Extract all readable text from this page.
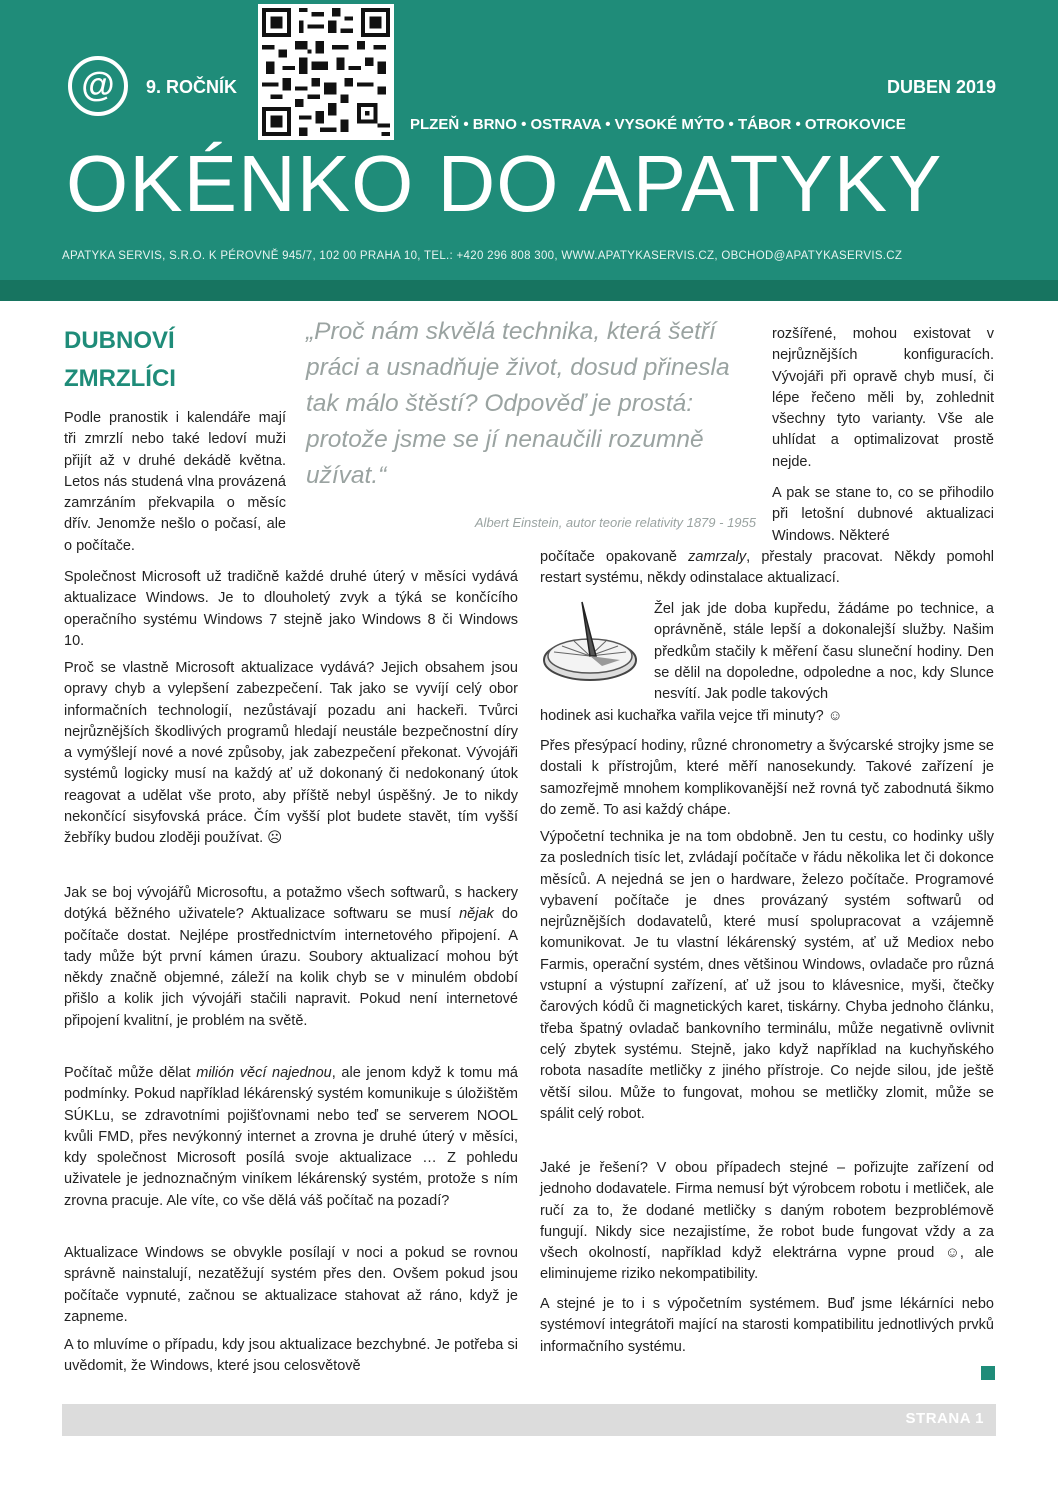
@	9. ROČNÍK	DUBEN 2019
PLZEŇ • BRNO • OSTRAVA • VYSOKÉ MÝTO • TÁBOR • OTROKOVICE
OKÉNKO DO APATYKY
APATYKA SERVIS, S.R.O. K PÉROVNĚ 945/7, 102 00 PRAHA 10, TEL.: +420 296 808 300, WWW.APATYKASERVIS.CZ, OBCHOD@APATYKASERVIS.CZ
DUBNOVÍ ZMRZLÍCI
„Proč nám skvělá technika, která šetří práci a usnadňuje život, dosud přinesla tak málo štěstí? Odpověď je prostá: protože jsme se jí nenaučili rozumně užívat.“
Albert Einstein, autor teorie relativity 1879 - 1955

Podle pranostik i kalendáře mají tři zmrzlí nebo také ledoví muži přijít až v druhé dekádě května. Letos nás studená vlna provázená zamrzáním překvapila o měsíc dřív. Jenomže nešlo o počasí, ale o počítače.

Společnost Microsoft už tradičně každé druhé úterý v měsíci vydává aktualizace Windows. Je to dlouholetý zvyk a týká se končícího operačního systému Windows 7 stejně jako Windows 8 či Windows 10.

Proč se vlastně Microsoft aktualizace vydává? Jejich obsahem jsou opravy chyb a vylepšení zabezpečení. Tak jako se vyvíjí celý obor informačních technologií, nezůstávají pozadu ani hackeři. Tvůrci nejrůznějších škodlivých programů hledají neustále bezpečnostní díry a vymýšlejí nové a nové způsoby, jak zabezpečení překonat. Vývojáři systémů logicky musí na každý ať už dokonaný či nedokonaný útok reagovat a udělat vše proto, aby příště nebyl úspěšný. Je to nikdy nekončící sisyfovská práce. Čím vyšší plot budete stavět, tím vyšší žebříky budou zloději používat. ☹

Jak se boj vývojářů Microsoftu, a potažmo všech softwarů, s hackery dotýká běžného uživatele? Aktualizace softwaru se musí nějak do počítače dostat. Nejlépe prostřednictvím internetového připojení. A tady může být první kámen úrazu. Soubory aktualizací mohou být někdy značně objemné, záleží na kolik chyb se v minulém období přišlo a kolik jich vývojáři stačili napravit. Pokud není internetové připojení kvalitní, je problém na světě.

Počítač může dělat milión věcí najednou, ale jenom když k tomu má podmínky. Pokud například lékárenský systém komunikuje s úložištěm SÚKLu, se zdravotními pojišťovnami nebo teď se serverem NOOL kvůli FMD, přes nevýkonný internet a zrovna je druhé úterý v měsíci, kdy společnost Microsoft posílá svoje aktualizace … Z pohledu uživatele je jednoznačným viníkem lékárenský systém, protože s ním zrovna pracuje. Ale víte, co vše dělá váš počítač na pozadí?

Aktualizace Windows se obvykle posílají v noci a pokud se rovnou správně nainstalují, nezatěžují systém přes den. Ovšem pokud jsou počítače vypnuté, začnou se aktualizace stahovat až ráno, když je zapneme.

A to mluvíme o případu, kdy jsou aktualizace bezchybné. Je potřeba si uvědomit, že Windows, které jsou celosvětově

rozšířené, mohou existovat v nejrůznějších konfiguracích. Vývojáři při opravě chyb musí, či lépe řečeno měli by, zohlednit všechny tyto varianty. Vše ale uhlídat a optimalizovat prostě nejde.

A pak se stane to, co se přihodilo při letošní dubnové aktualizaci Windows. Některé

počítače opakovaně zamrzaly, přestaly pracovat. Někdy pomohl restart systému, někdy odinstalace aktualizací.

Žel jak jde doba kupředu, žádáme po technice, a oprávněně, stále lepší a dokonalejší služby. Našim předkům stačily k měření času sluneční hodiny. Den se dělil na dopoledne, odpoledne a noc, kdy Slunce nesvítí. Jak podle takových

hodinek asi kuchařka vařila vejce tři minuty? ☺

Přes přesýpací hodiny, různé chronometry a švýcarské strojky jsme se dostali k přístrojům, které měří nanosekundy. Takové zařízení je samozřejmě mnohem komplikovanější než rovná tyč zabodnutá šikmo do země. To asi každý chápe.

Výpočetní technika je na tom obdobně. Jen tu cestu, co hodinky ušly za posledních tisíc let, zvládají počítače v řádu několika let či dokonce měsíců. A nejedná se jen o hardware, železo počítače. Programové vybavení počítače je dnes provázaný systém softwarů od nejrůznějších dodavatelů, které musí spolupracovat a vzájemně komunikovat. Je tu vlastní lékárenský systém, ať už Mediox nebo Farmis, operační systém, dnes většinou Windows, ovladače pro různá vstupní a výstupní zařízení, ať už jsou to klávesnice, myši, čtečky čarových kódů či magnetických karet, tiskárny. Chyba jednoho článku, třeba špatný ovladač bankovního terminálu, může negativně ovlivnit celý zbytek systému. Stejně, jako když například na kuchyňského robota nasadíte metličky z jiného přístroje. Co nejde silou, jde ještě větší silou. Může to fungovat, mohou se metličky zlomit, může se spálit celý robot.

Jaké je řešení? V obou případech stejné – pořizujte zařízení od jednoho dodavatele. Firma nemusí být výrobcem robotu i metliček, ale ručí za to, že dodané metličky s daným robotem bezproblémově fungují. Nikdy sice nezajistíme, že robot bude fungovat vždy a za všech okolností, například když elektrárna vypne proud ☺, ale eliminujeme riziko nekompatibility.

A stejné je to i s výpočetním systémem. Buď jsme lékárníci nebo systémoví integrátoři mající na starosti kompatibilitu jednotlivých prvků informačního systému.

STRANA 1
